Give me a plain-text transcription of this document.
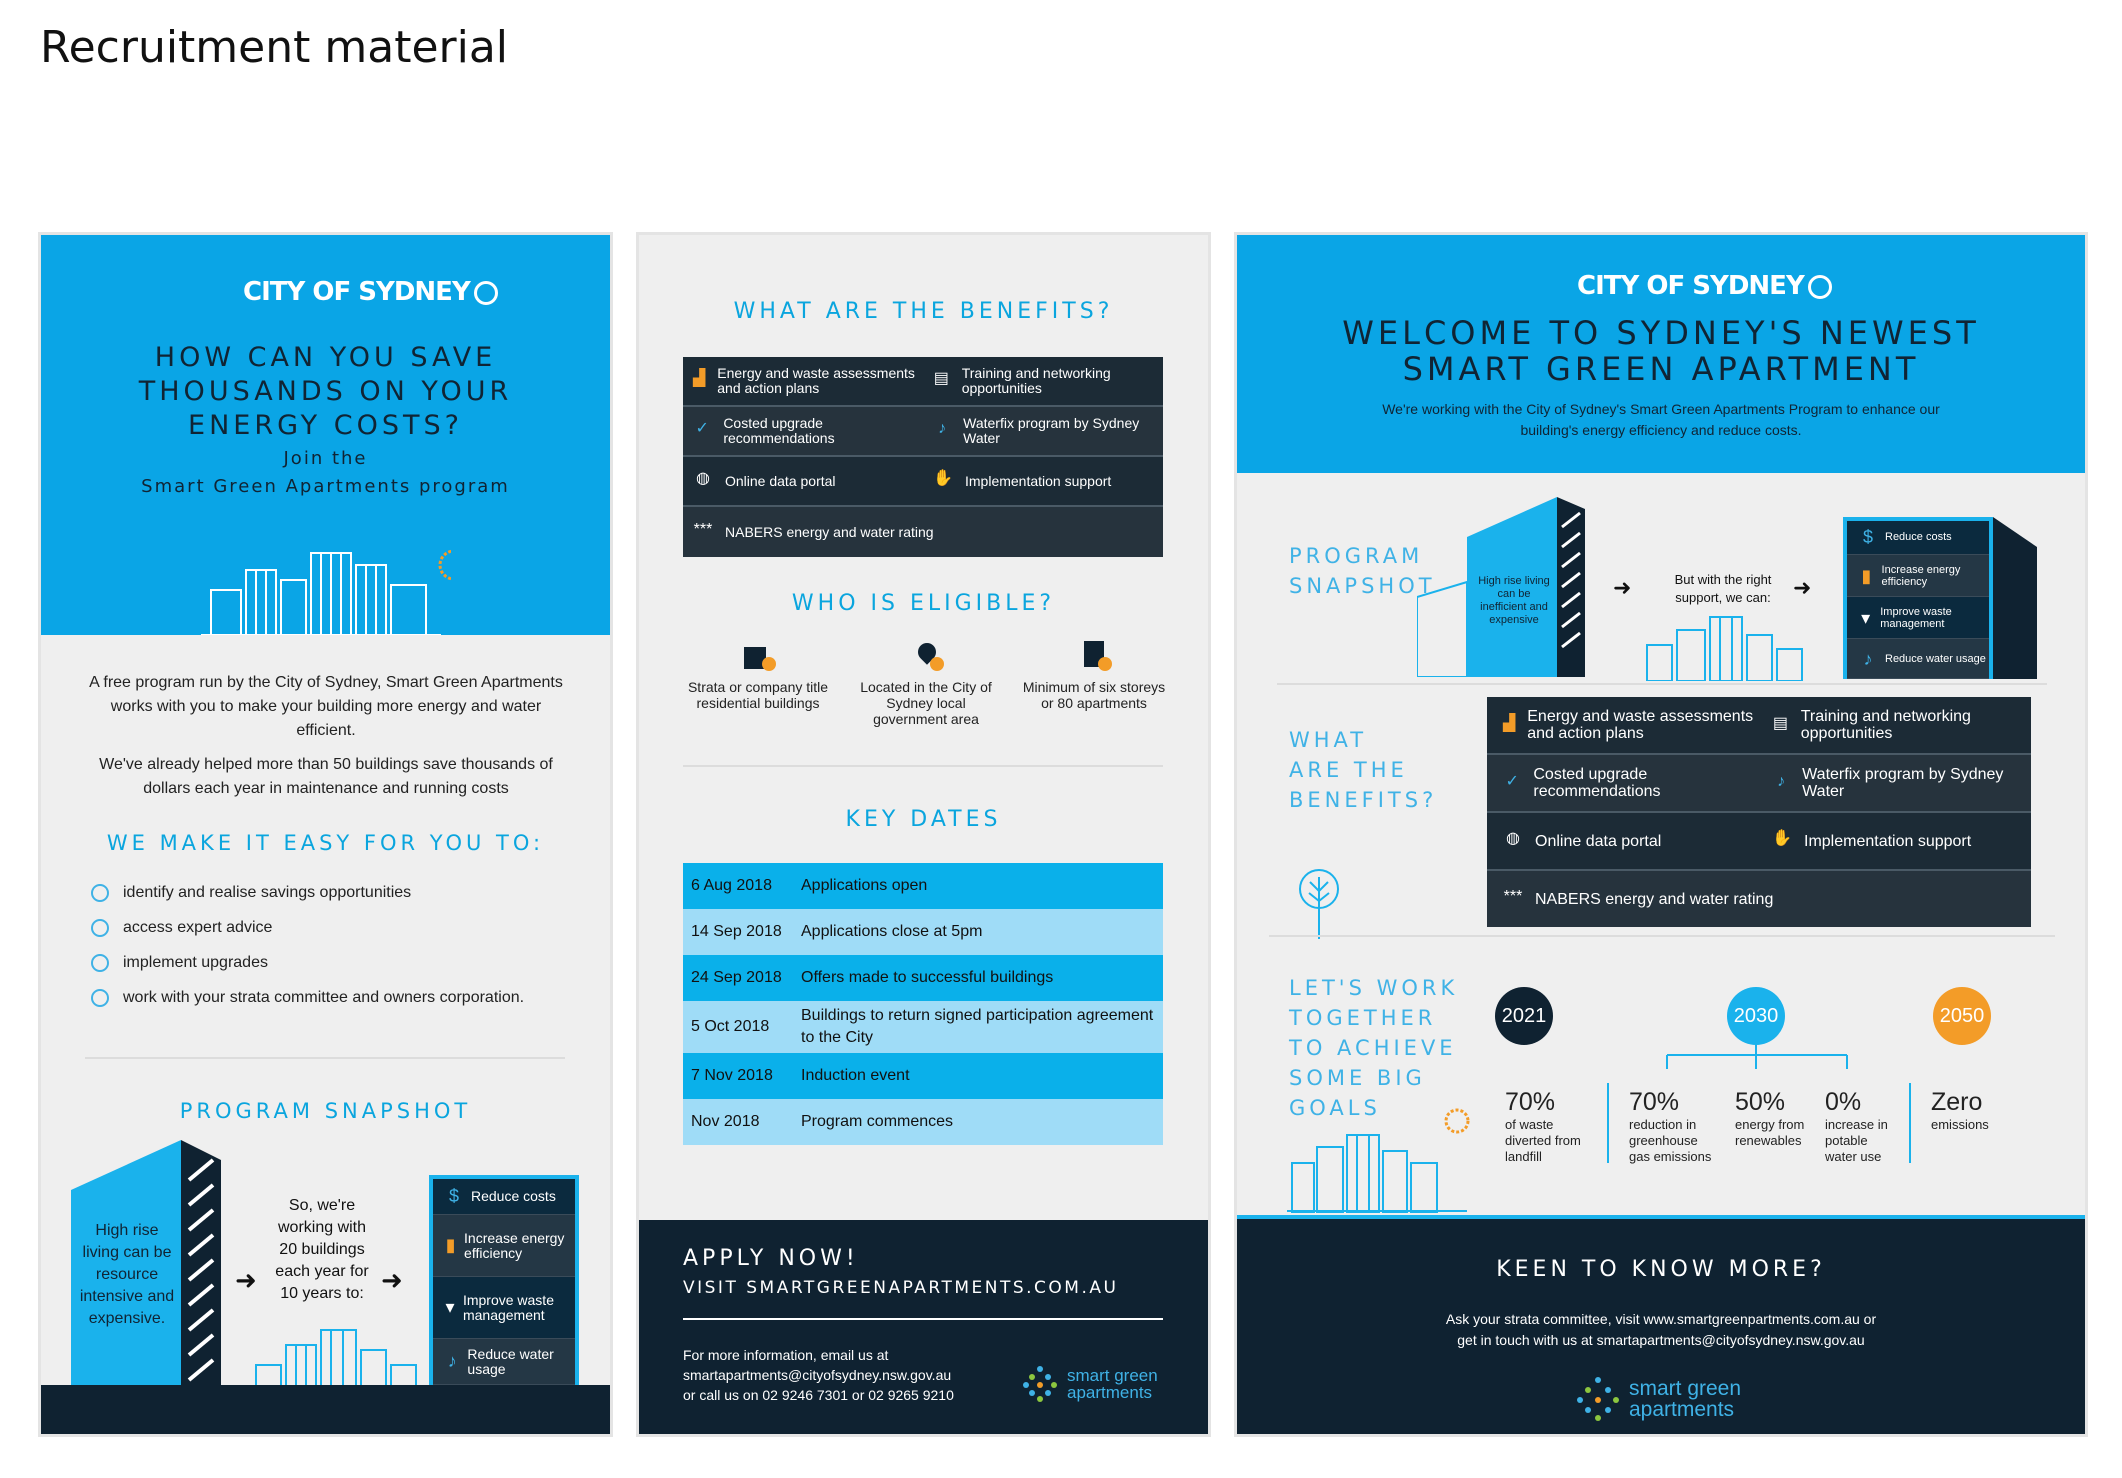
Recruitment material
CITY OF SYDNEY
HOW CAN YOU SAVE
THOUSANDS ON YOUR
ENERGY COSTS?
Join the
Smart Green Apartments program
A free program run by the City of Sydney, Smart Green Apartments works with you to make your building more energy and water efficient.
We've already helped more than 50 buildings save thousands of dollars each year in maintenance and running costs
WE MAKE IT EASY FOR YOU TO:
identify and realise savings opportunities
access expert advice
implement upgrades
work with your strata committee and owners corporation.
PROGRAM SNAPSHOT
High rise living can be resource intensive and expensive.
➜
So, we're working with 20 buildings each year for 10 years to: ➜
$ Reduce costs
▮ Increase energy efficiency
▾ Improve waste management
♪ Reduce water usage
WHAT ARE THE BENEFITS?
▟ Energy and waste assessments and action plans
▤ Training and networking opportunities
✓	Costed upgrade recommendations
♪	Waterfix program by Sydney Water
◍	Online data portal	✋ Implementation support
*** NABERS energy and water rating
WHO IS ELIGIBLE?
Strata or company title residential buildings
Located in the City of Sydney local government area
Minimum of six storeys or 80 apartments
KEY DATES
6 Aug 2018	Applications open
14 Sep 2018	Applications close at 5pm
24 Sep 2018	Offers made to successful buildings
5 Oct 2018
Buildings to return signed participation agreement to the City
7 Nov 2018	Induction event
Nov 2018	Program commences
APPLY NOW!
VISIT SMARTGREENAPARTMENTS.COM.AU
For more information, email us at
smartapartments@cityofsydney.nsw.gov.au
or call us on 02 9246 7301 or 02 9265 9210
smart green
apartments
CITY OF SYDNEY
WELCOME TO SYDNEY'S NEWEST
SMART GREEN APARTMENT
We're working with the City of Sydney's Smart Green Apartments Program to enhance our building's energy efficiency and reduce costs.
PROGRAM
SNAPSHOT	High rise living can be inefficient and expensive
➜	But with the right support, we can:	➜
$	Reduce costs
▮ Increase energy efficiency
▾ Improve waste management
♪	Reduce water usage
WHAT
ARE THE
BENEFITS?
▟ Energy and waste assessments and action plans
▤ Training and networking opportunities
✓ Costed upgrade recommendations
♪	Waterfix program by Sydney Water
◍ Online data portal	✋ Implementation support
*** NABERS energy and water rating
LET'S WORK
TOGETHER
TO ACHIEVE
SOME BIG
GOALS
2021	2030	2050
70%
of waste diverted from landfill
70%
reduction in greenhouse gas emissions
50%
energy from renewables
0%
increase in potable water use
Zero
emissions
KEEN TO KNOW MORE?
Ask your strata committee, visit www.smartgreenpartments.com.au or
get in touch with us at smartapartments@cityofsydney.nsw.gov.au
smart green
apartments
